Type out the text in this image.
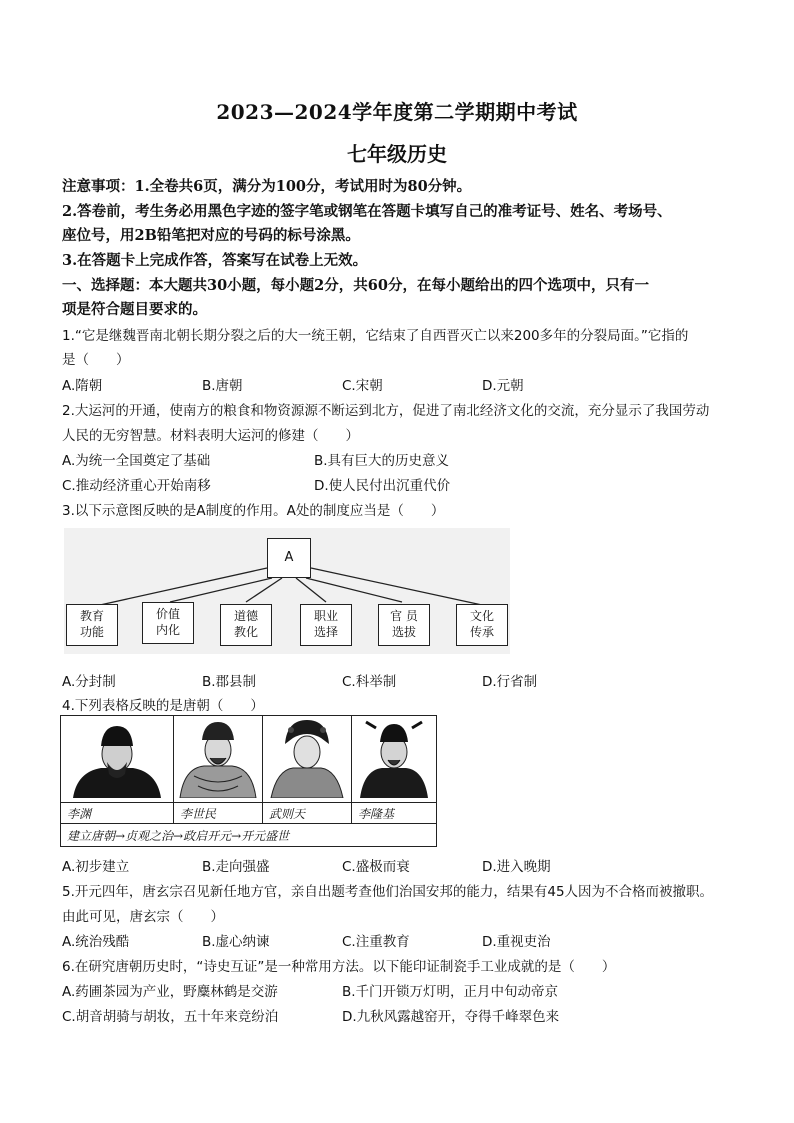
2023—2024学年度第二学期期中考试
七年级历史
注意事项：1.全卷共6页，满分为100分，考试用时为80分钟。
2.答卷前，考生务必用黑色字迹的签字笔或钢笔在答题卡填写自己的准考证号、姓名、考场号、
座位号，用2B铅笔把对应的号码的标号涂黑。
3.在答题卡上完成作答，答案写在试卷上无效。
一、选择题：本大题共30小题，每小题2分，共60分，在每小题给出的四个选项中，只有一
项是符合题目要求的。
1.“它是继魏晋南北朝长期分裂之后的大一统王朝，它结束了自西晋灭亡以来200多年的分裂局面。”它指的
是（　　）
A.隋朝	B.唐朝	C.宋朝	D.元朝
2.大运河的开通，使南方的粮食和物资源源不断运到北方，促进了南北经济文化的交流，充分显示了我国劳动
人民的无穷智慧。材料表明大运河的修建（　　）
A.为统一全国奠定了基础	B.具有巨大的历史意义
C.推动经济重心开始南移	D.使人民付出沉重代价
3.以下示意图反映的是A制度的作用。A处的制度应当是（　　）
A
教育
功能
价值
内化
道德
教化
职业
选择
官 员
选拔
文化
传承
A.分封制	B.郡县制	C.科举制	D.行省制
4.下列表格反映的是唐朝（　　）

李渊	李世民	武则天	李隆基
建立唐朝→贞观之治→政启开元→开元盛世			
A.初步建立	B.走向强盛	C.盛极而衰	D.进入晚期
5.开元四年，唐玄宗召见新任地方官，亲自出题考查他们治国安邦的能力，结果有45人因为不合格而被撤职。
由此可见，唐玄宗（　　）
A.统治残酷	B.虚心纳谏	C.注重教育	D.重视吏治
6.在研究唐朝历史时，“诗史互证”是一种常用方法。以下能印证制瓷手工业成就的是（　　）
A.药圃茶园为产业，野麋林鹤是交游	B.千门开锁万灯明，正月中旬动帝京
C.胡音胡骑与胡妆，五十年来竞纷泊	D.九秋风露越窑开，夺得千峰翠色来
